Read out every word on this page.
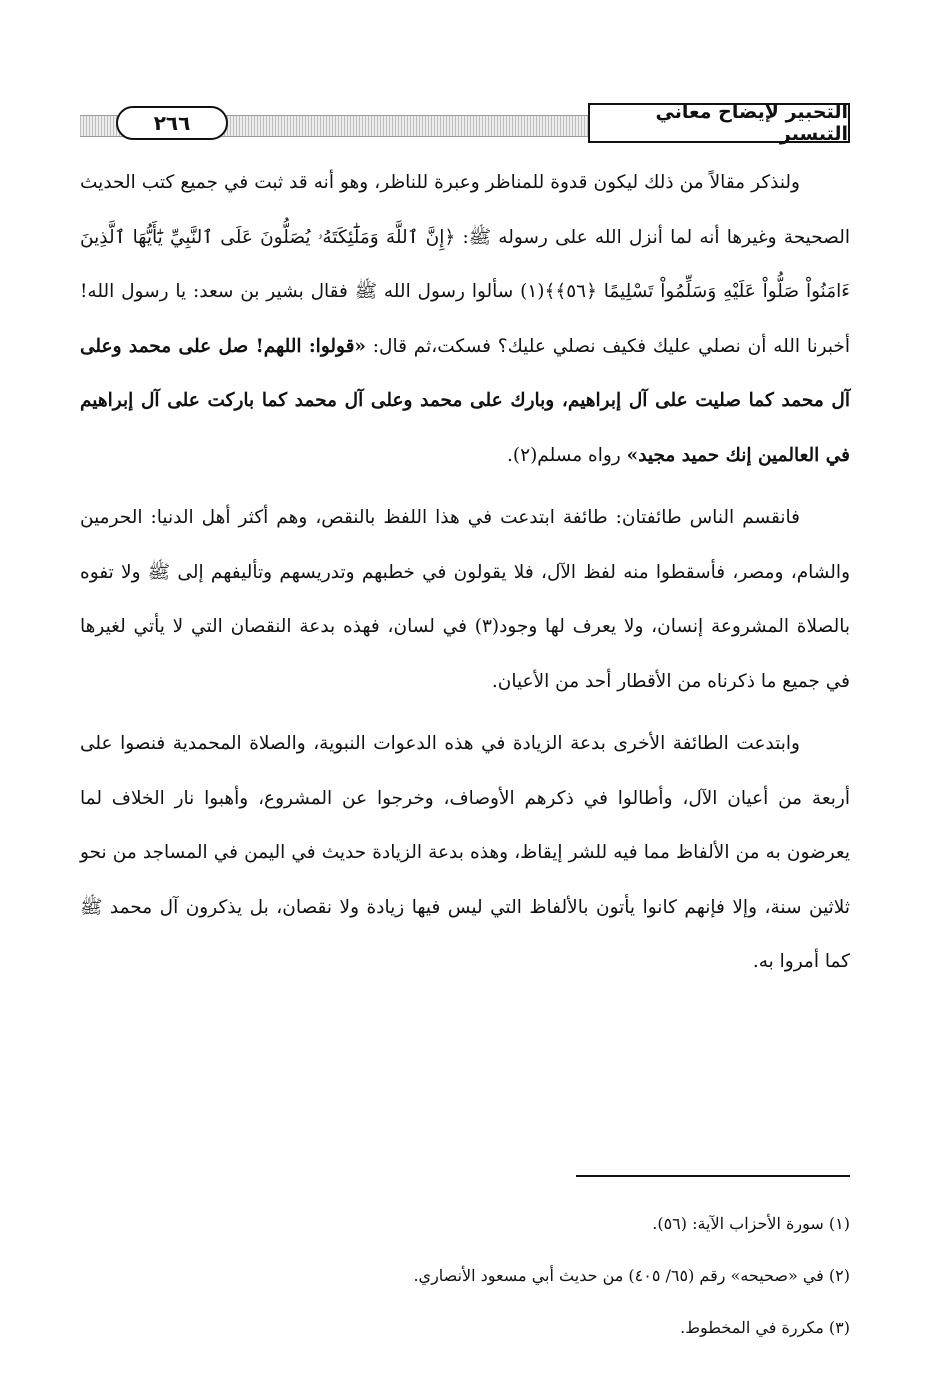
التحبير لإيضاح معاني التيسير
٢٦٦

ولنذكر مقالاً من ذلك ليكون قدوة للمناظر وعبرة للناظر، وهو أنه قد ثبت في جميع كتب الحديث الصحيحة وغيرها أنه لما أنزل الله على رسوله ﷺ: ﴿إِنَّ ٱللَّهَ وَمَلَٰٓئِكَتَهُۥ يُصَلُّونَ عَلَى ٱلنَّبِيِّ يَٰٓأَيُّهَا ٱلَّذِينَ ءَامَنُواْ صَلُّواْ عَلَيْهِ وَسَلِّمُواْ تَسْلِيمًا ﴿٥٦﴾﴾(١) سألوا رسول الله ﷺ فقال بشير بن سعد: يا رسول الله! أخبرنا الله أن نصلي عليك فكيف نصلي عليك؟ فسكت،ثم قال: «قولوا: اللهم! صل على محمد وعلى آل محمد كما صليت على آل إبراهيم، وبارك على محمد وعلى آل محمد كما باركت على آل إبراهيم في العالمين إنك حميد مجيد» رواه مسلم(٢).

فانقسم الناس طائفتان: طائفة ابتدعت في هذا اللفظ بالنقص، وهم أكثر أهل الدنيا: الحرمين والشام، ومصر، فأسقطوا منه لفظ الآل، فلا يقولون في خطبهم وتدريسهم وتأليفهم إلى ﷺ ولا تفوه بالصلاة المشروعة إنسان، ولا يعرف لها وجود(٣) في لسان، فهذه بدعة النقصان التي لا يأتي لغيرها في جميع ما ذكرناه من الأقطار أحد من الأعيان.

وابتدعت الطائفة الأخرى بدعة الزيادة في هذه الدعوات النبوية، والصلاة المحمدية فنصوا على أربعة من أعيان الآل، وأطالوا في ذكرهم الأوصاف، وخرجوا عن المشروع، وأهبوا نار الخلاف لما يعرضون به من الألفاظ مما فيه للشر إيقاظ، وهذه بدعة الزيادة حديث في اليمن في المساجد من نحو ثلاثين سنة، وإلا فإنهم كانوا يأتون بالألفاظ التي ليس فيها زيادة ولا نقصان، بل يذكرون آل محمد ﷺ كما أمروا به.

(١) سورة الأحزاب الآية: (٥٦).
(٢) في «صحيحه» رقم (٦٥/ ٤٠٥) من حديث أبي مسعود الأنصاري.
(٣) مكررة في المخطوط.
